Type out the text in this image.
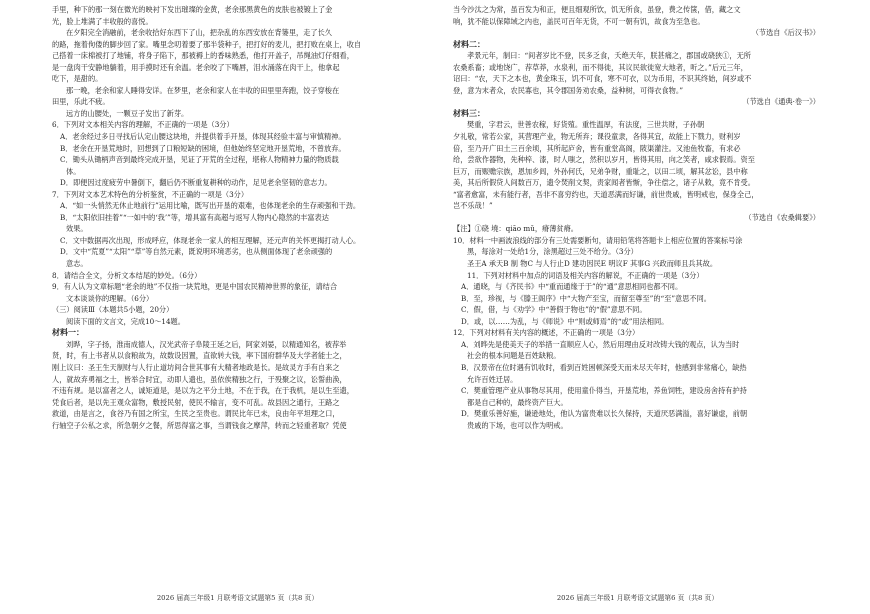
手里，种下的那一刻在微光的映衬下发出璀璨的金黄，老余那黑黄色的皮肤也被镀上了金
光，脸上堆满了丰收般的喜悦。
在夕阳完全消融前，老余收拾好东西下了山，把杂乱的东西安放在背篓里，走了长久
的路，拖着佝偻的脚步回了家。嘴里念叨着要了那半袋种子，把打好的麦儿，把打败在桌上，收自
己搭着一床棉被打了地铺，将身子陷下，那被褥上的香味熟悉，他打开盖子，吊绳油灯仔细看，
是一盘肉干安静地躺着，用手摸时还有余温。老余咬了下嘴唇，泪水涌落在肉干上，他拿起
吃下，是甜的。
那一晚，老余和家人睡得安详。在梦里，老余和家人在丰收的田里里奔跑，饺子穿梭在
田里，乐此不疲。
远方的山腰处，一颗豆子发出了新芽。
6．下列对文本相关内容的理解，不正确的一项是（3分）
A．老余经过多日寻找后认定山腰这块地，并提供着手开垦，体现其经验丰富与审慎精神。
B．老余在开垦荒地时，回想到了口粮短缺的困境，但他始终坚定地开垦荒地，不曾放弃。
C．锄头从锄柄声音到最终完成开垦，见证了开荒的全过程，堪称人物精神力量的物质载
体。
D．即便因过度疲劳中暑倒下，翻后仍不断重复耕种的动作，足见老余坚韧的意志力。
7．下列对文本艺术特色的分析鉴赏，不正确的一项是（3分）
A．“如一头悄然无休止地前行”运用比喻，既写出开垦的艰难，也体现老余的生存顽强和干劲。
B．“太阳依旧挂着”“一如中的‘我’”等，增具富有高超与返写人物内心隐然的丰富表达
效果。
C．文中数据再次出现，形成呼应，体现老余一家人的相互理解，还元声的关怀更揭打动人心。
D．文中“荒夏”“太阳”“草”等自然元素，既说明环境恶劣，也从侧面体现了老余顽强的
意志。
8．请结合全文，分析文本结尾的妙处。（6分）
9．有人认为文章标题“老余的地”不仅指一块荒地，更是中国农民精神世界的象征，请结合
文本谈谈你的理解。（6分）
（三）阅读Ⅲ（本题共5小题，20分）
阅读下面的文言文，完成10～14题。
材料一：
刘晔，字子扬，淮南成德人，汉光武帝子阜陵王延之后，阿家刘晏，以精通知名，被荐举
贤，时，有上书者从以食粮故为，故数设因置，直欲转大钱，率下国府群华及大学者能士之，
刚上议曰：圣王生天制财与人行止道坊间合世其事有大精者地政是长。是故灵方手有自来之
人，就故弃勇福之士，皆举合时宜，动即人遗也，虽依俟精独之行，于殁聚之议，讼誓曲涣，
不违有规。是以富者之人，诚矩道是，是以为之平分土地，不在于我，在于我机，是以生至遗，
凭食后者，是以先王观众富物，敷授民射，使民不输言，变不可乱。故县因之通行，王路之
救道，由是言之，食谷乃有国之所宝，生民之至贵也。谓民比年已未，良由年平坦理之口，
行轴空子公私之求，所急朝夕之餐，所思得富之事，当谓钱食之摩萍，转而之轻重者取？凭使
2026 届高三年级1 月联考语文试题第5 页（共8 页）
当今沙汰之为常，虽百发为和正，便且细观所饮，饥无所食，虽登，费之传箧，借，藏之文
响，犹不能以保障域之内也，盖民可百年无货，不可一朝有饥，故食为至急也。
（节选自《后汉书》）
材料二：
孝景元年，制曰：“间者岁比不登，民多乏食，夭绝天年，朕甚痛之，郡国或硗狭①，无所
农桑系畜；或地饶广，荐草莽，水泉利，而不得徙，其议民欲徙宽大地者，听之。”后元三年，
诏曰：“农，天下之本也，黄金珠玉，饥不可食，寒不可衣，以为币用，不识其终始，间岁或不
登，意为末者众，农民寡也，其令郡国务劝农桑，益种树，可得衣食物。”
（节选自《通典·卷一》）
材料三：
樊重，字君云，世善农稼，好货殖。重性温厚，有法度，三世共财，子孙朝
夕礼敬，常若公家，其营理产业，物无所弃；课役童隶，各得其宜，故能上下戮力，财利岁
倍，至乃开广田土三百余顷，其所起庐舍，皆有重堂高阁，陂渠灌注。又池鱼牧畜，有求必
给，尝欲作器物，先种梓、漆，时人嗤之，然积以岁月，皆得其用，向之笑者，咸求假焉。资至
巨万，而赈赡宗族，恩加乡闾，外孙何氏，兄弟争财，重耻之，以田二顷，解其忿讼，县中称
美，其后所假贷人间数百万，遗令焚削文契，责家闻者皆惭，争往偿之，诸子从敕，竟不肯受。
“富者愈富，未有能行者，吾非不喜穷约也，天道恶满而好谦，前世贵戚，皆明戒也，保身全己，
岂不乐哉！”
（节选自《农桑辑要》）
【注】①硗 墝：qiāo mǔ，瘠薄贫瘠。
10．材料一中画波浪线的部分有三处需要断句，请用铅笔将答题卡上相应位置的答案标号涂
黑，每涂对一处给1分，涂黑超过三处不给分。（3分）
圣王A 承天B 制 物C 与人行止D 建功因民E 明议F 其事G 兴政而师且兵其故。
11．下列对材料中加点的词语及相关内容的解说，不正确的一项是（3分）
A．通晓，与《齐民书》中“重而通缘于于”的“通”意思相同也都不同。
B．至，珍视，与《滕王阁序》中“大物产至宝，而留至尊至”的“至”意思不同。
C．假，借，与《劝学》中“善假于物也”的“假”意思不同。
D．或，以……为乱，与《师说》中“则或师焉”的“或”用法相同。
12．下列对材料有关内容的概述，不正确的一项是（3分）
A．刘晔先是使美天子的举措一直顺应人心，然后用理由反对改铸大钱的观点，认为当时
社会的根本问题是百姓缺粮。
B．汉景帝在位时遇有饥收时，看到百姓困顿深受天而未尽天年时，他感到非常痛心，缺热
允许百姓迁居。
C．樊重管理产业从事物尽其用，使用童仆得当，开垦荒地，养鱼饲牲，建设房舍持有护持
都是自己种的，最终资产巨大。
D．樊重乐善好施，谦逊地处，他认为富贵难以长久保持，天道厌恶满溢，喜好谦虚，前朝
贵戚的下场，也可以作为明戒。
2026 届高三年级1 月联考语文试题第6 页（共8 页）
